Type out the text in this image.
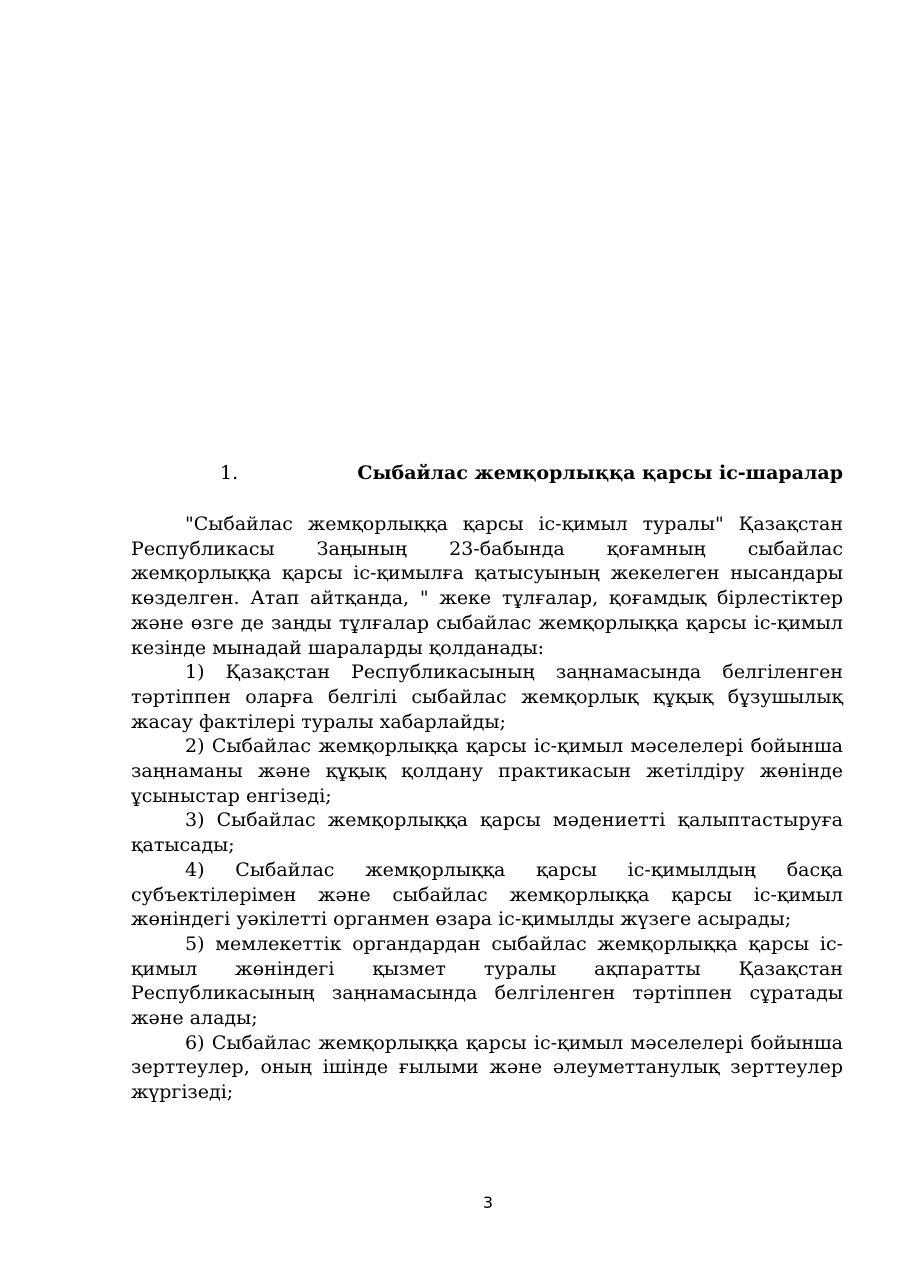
1.	Сыбайлас жемқорлыққа қарсы іс-шаралар

"Сыбайлас жемқорлыққа қарсы іс-қимыл туралы" Қазақстан Республикасы Заңының 23-бабында қоғамның сыбайлас жемқорлыққа қарсы іс-қимылға қатысуының жекелеген нысандары көзделген. Атап айтқанда, " жеке тұлғалар, қоғамдық бірлестіктер және өзге де заңды тұлғалар сыбайлас жемқорлыққа қарсы іс-қимыл кезінде мынадай шараларды қолданады:

1) Қазақстан Республикасының заңнамасында белгіленген тәртіппен оларға белгілі сыбайлас жемқорлық құқық бұзушылық жасау фактілері туралы хабарлайды;

2) Сыбайлас жемқорлыққа қарсы іс-қимыл мәселелері бойынша заңнаманы және құқық қолдану практикасын жетілдіру жөнінде ұсыныстар енгізеді;

3) Сыбайлас жемқорлыққа қарсы мәдениетті қалыптастыруға қатысады;

4) Сыбайлас жемқорлыққа қарсы іс-қимылдың басқа субъектілерімен және сыбайлас жемқорлыққа қарсы іс-қимыл жөніндегі уәкілетті органмен өзара іс-қимылды жүзеге асырады;

5) мемлекеттік органдардан сыбайлас жемқорлыққа қарсы іс-қимыл жөніндегі қызмет туралы ақпаратты Қазақстан Республикасының заңнамасында белгіленген тәртіппен сұратады және алады;

6) Сыбайлас жемқорлыққа қарсы іс-қимыл мәселелері бойынша зерттеулер, оның ішінде ғылыми және әлеуметтанулық зерттеулер жүргізеді;

3
